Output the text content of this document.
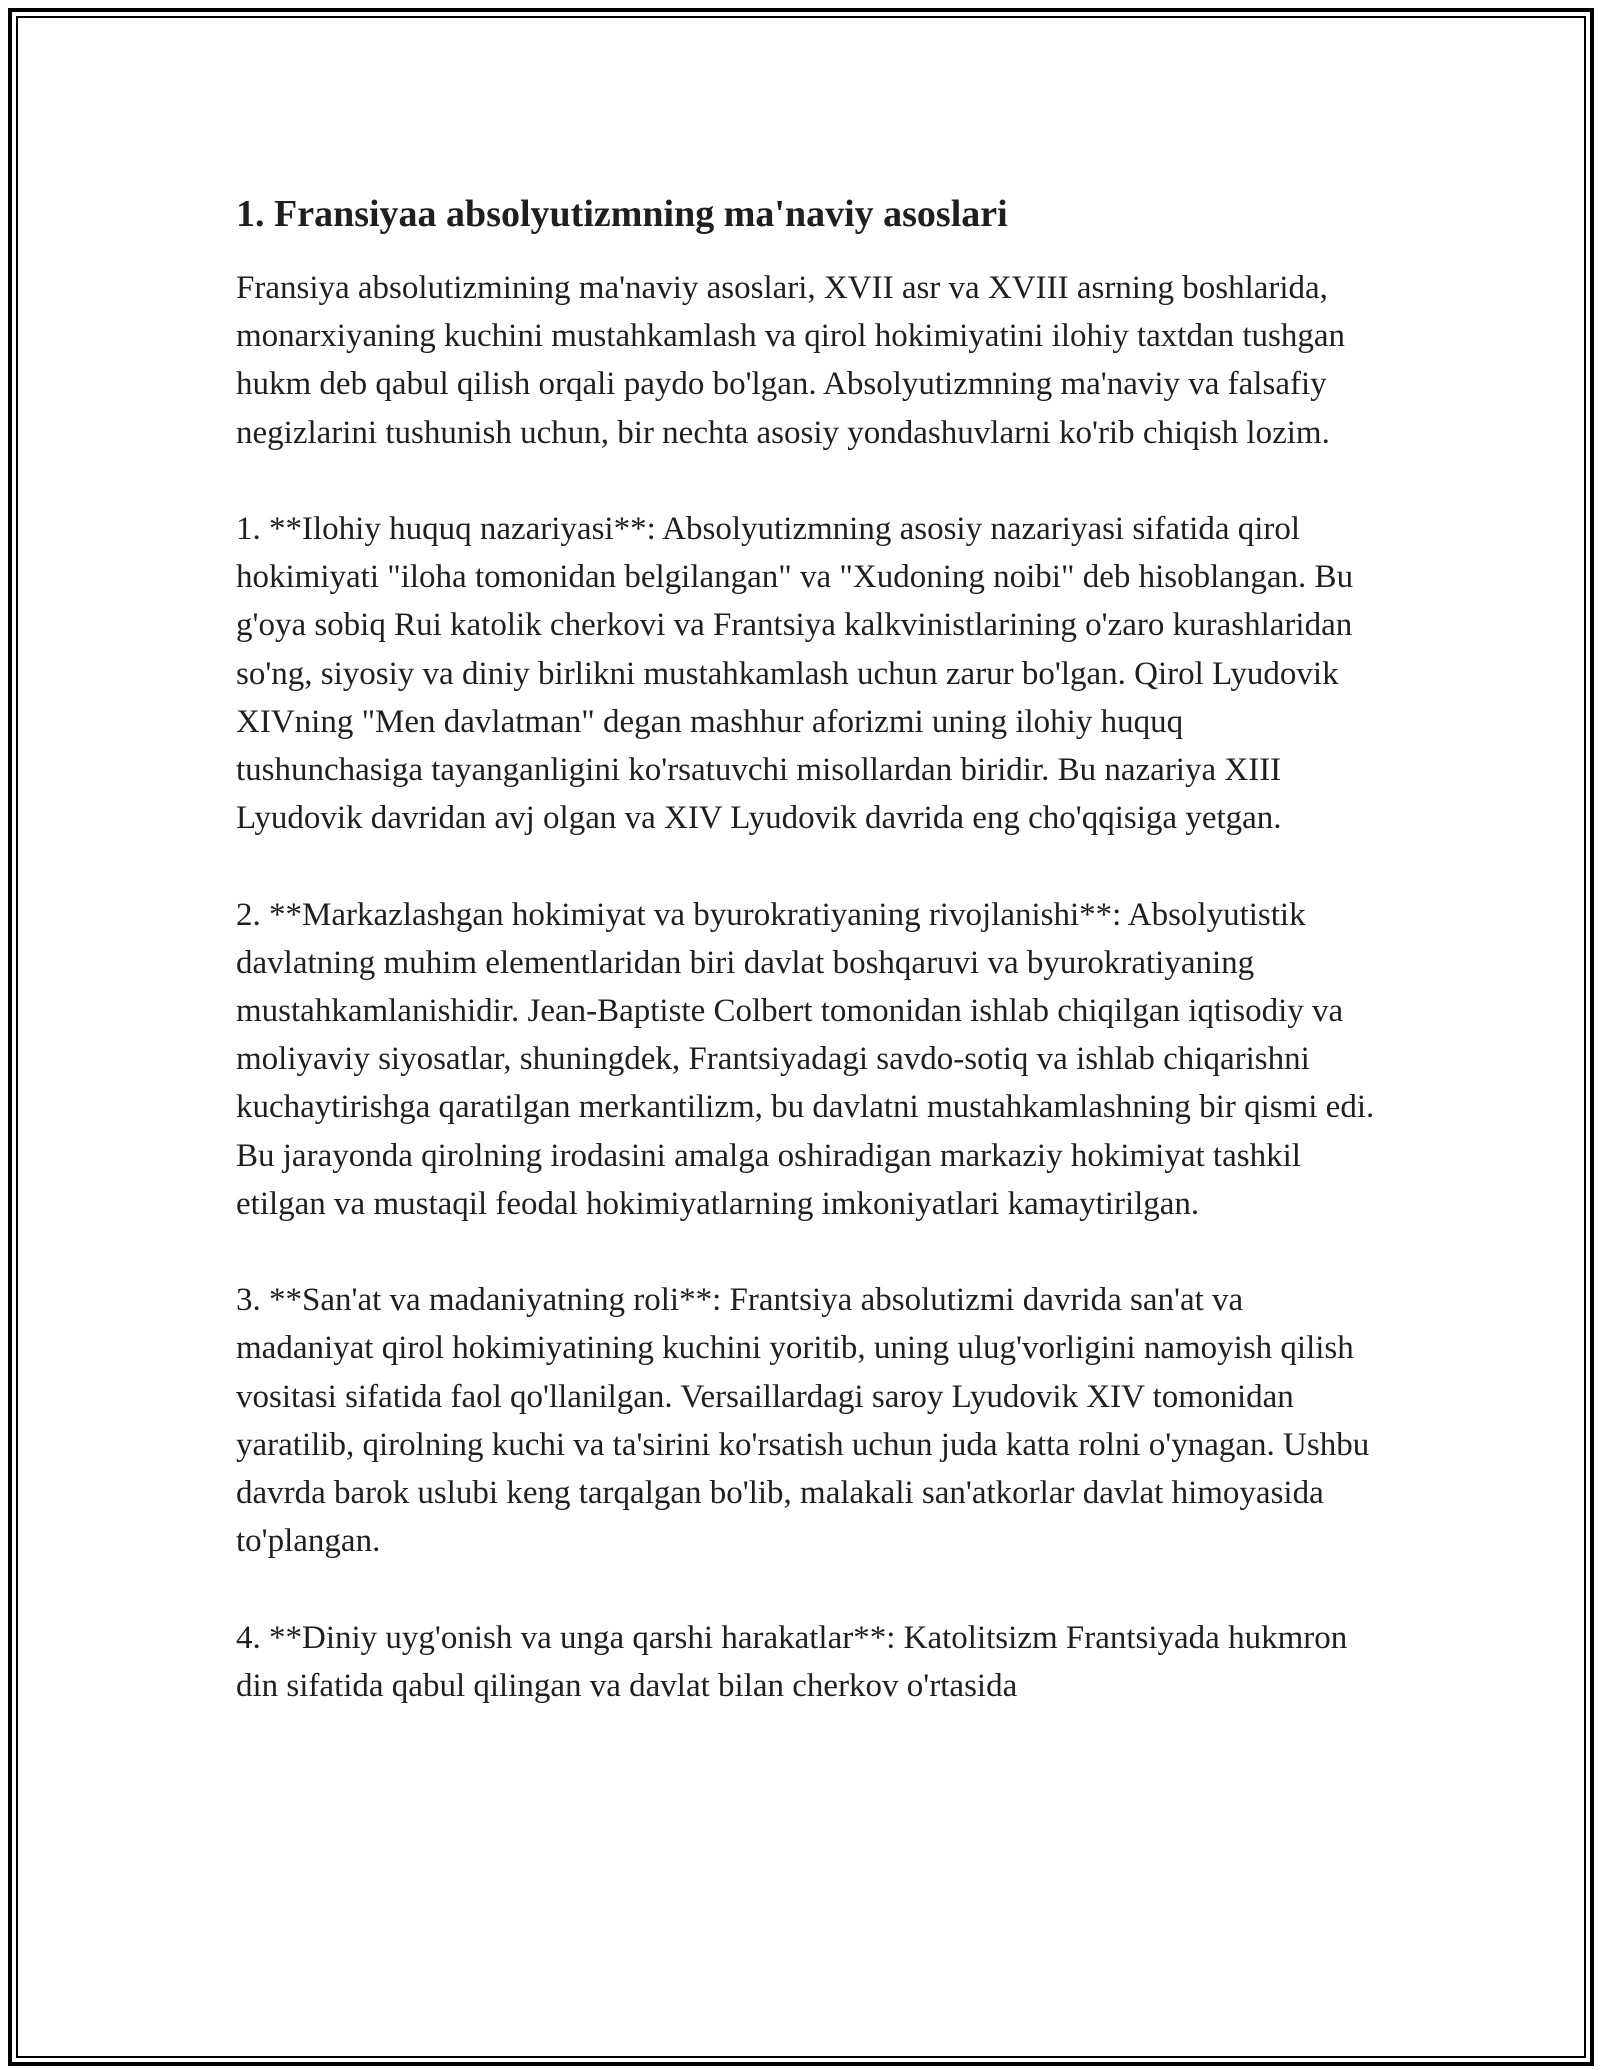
1. Fransiyaa absolyutizmning ma'naviy asoslari

Fransiya absolutizmining ma'naviy asoslari, XVII asr va XVIII asrning boshlarida, monarxiyaning kuchini mustahkamlash va qirol hokimiyatini ilohiy taxtdan tushgan hukm deb qabul qilish orqali paydo bo'lgan. Absolyutizmning ma'naviy va falsafiy negizlarini tushunish uchun, bir nechta asosiy yondashuvlarni ko'rib chiqish lozim.

1. **Ilohiy huquq nazariyasi**: Absolyutizmning asosiy nazariyasi sifatida qirol hokimiyati "iloha tomonidan belgilangan" va "Xudoning noibi" deb hisoblangan. Bu g'oya sobiq Rui katolik cherkovi va Frantsiya kalkvinistlarining o'zaro kurashlaridan so'ng, siyosiy va diniy birlikni mustahkamlash uchun zarur bo'lgan. Qirol Lyudovik XIVning "Men davlatman" degan mashhur aforizmi uning ilohiy huquq tushunchasiga tayanganligini ko'rsatuvchi misollardan biridir. Bu nazariya XIII Lyudovik davridan avj olgan va XIV Lyudovik davrida eng cho'qqisiga yetgan.

2. **Markazlashgan hokimiyat va byurokratiyaning rivojlanishi**: Absolyutistik davlatning muhim elementlaridan biri davlat boshqaruvi va byurokratiyaning mustahkamlanishidir. Jean-Baptiste Colbert tomonidan ishlab chiqilgan iqtisodiy va moliyaviy siyosatlar, shuningdek, Frantsiyadagi savdo-sotiq va ishlab chiqarishni kuchaytirishga qaratilgan merkantilizm, bu davlatni mustahkamlashning bir qismi edi. Bu jarayonda qirolning irodasini amalga oshiradigan markaziy hokimiyat tashkil etilgan va mustaqil feodal hokimiyatlarning imkoniyatlari kamaytirilgan.

3. **San'at va madaniyatning roli**: Frantsiya absolutizmi davrida san'at va madaniyat qirol hokimiyatining kuchini yoritib, uning ulug'vorligini namoyish qilish vositasi sifatida faol qo'llanilgan. Versaillardagi saroy Lyudovik XIV tomonidan yaratilib, qirolning kuchi va ta'sirini ko'rsatish uchun juda katta rolni o'ynagan. Ushbu davrda barok uslubi keng tarqalgan bo'lib, malakali san'atkorlar davlat himoyasida to'plangan.

4. **Diniy uyg'onish va unga qarshi harakatlar**: Katolitsizm Frantsiyada hukmron din sifatida qabul qilingan va davlat bilan cherkov o'rtasida
